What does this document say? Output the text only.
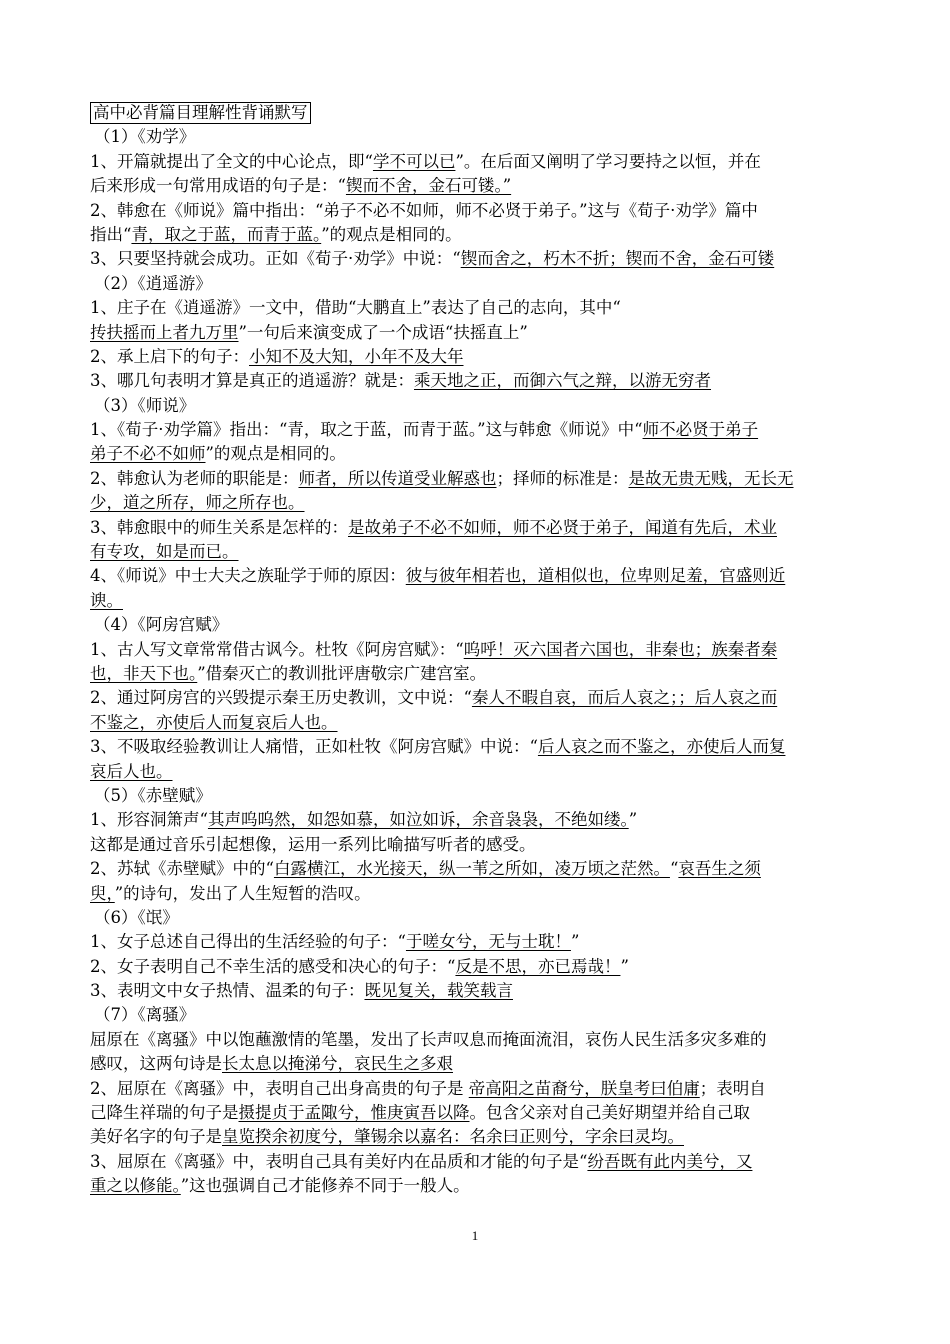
高中必背篇目理解性背诵默写
（1）《劝学》
1、开篇就提出了全文的中心论点，即“学不可以已”。在后面又阐明了学习要持之以恒，并在
后来形成一句常用成语的句子是：“锲而不舍，金石可镂。”
2、韩愈在《师说》篇中指出：“弟子不必不如师，师不必贤于弟子。”这与《荀子·劝学》篇中
指出“青，取之于蓝，而青于蓝。”的观点是相同的。
3、只要坚持就会成功。正如《荀子·劝学》中说：“锲而舍之，朽木不折；锲而不舍，金石可镂
（2）《逍遥游》
1、庄子在《逍遥游》一文中，借助“大鹏直上”表达了自己的志向，其中“
抟扶摇而上者九万里”一句后来演变成了一个成语“扶摇直上”
2、承上启下的句子：小知不及大知，小年不及大年
3、哪几句表明才算是真正的逍遥游？就是：乘天地之正，而御六气之辩，以游无穷者
（3）《师说》
1、《荀子·劝学篇》指出：“青，取之于蓝，而青于蓝。”这与韩愈《师说》中“师不必贤于弟子
弟子不必不如师”的观点是相同的。
2、韩愈认为老师的职能是：师者，所以传道受业解惑也；择师的标准是：是故无贵无贱，无长无
少，道之所存，师之所存也。
3、韩愈眼中的师生关系是怎样的：是故弟子不必不如师，师不必贤于弟子，闻道有先后，术业
有专攻，如是而已。
4、《师说》中士大夫之族耻学于师的原因：彼与彼年相若也，道相似也，位卑则足羞，官盛则近
谀。
（4）《阿房宫赋》
1、古人写文章常常借古讽今。杜牧《阿房宫赋》：“呜呼！灭六国者六国也，非秦也；族秦者秦
也，非天下也。”借秦灭亡的教训批评唐敬宗广建宫室。
2、通过阿房宫的兴毁提示秦王历史教训，文中说：“秦人不暇自哀，而后人哀之；；后人哀之而
不鉴之，亦使后人而复哀后人也。
3、不吸取经验教训让人痛惜，正如杜牧《阿房宫赋》中说：“后人哀之而不鉴之，亦使后人而复
哀后人也。
（5）《赤壁赋》
1、形容洞箫声“其声呜呜然，如怨如慕，如泣如诉，余音袅袅，不绝如缕。”
这都是通过音乐引起想像，运用一系列比喻描写听者的感受。
2、苏轼《赤壁赋》中的“白露横江，水光接天，纵一苇之所如，凌万顷之茫然。“哀吾生之须
臾，”的诗句，发出了人生短暂的浩叹。
（6）《氓》
1、女子总述自己得出的生活经验的句子：“于嗟女兮，无与士耽！”
2、女子表明自己不幸生活的感受和决心的句子：“反是不思，亦已焉哉！”
3、表明文中女子热情、温柔的句子：既见复关，载笑载言
（7）《离骚》
屈原在《离骚》中以饱蘸激情的笔墨，发出了长声叹息而掩面流泪，哀伤人民生活多灾多难的
感叹，这两句诗是长太息以掩涕兮，哀民生之多艰
2、屈原在《离骚》中，表明自己出身高贵的句子是 帝高阳之苗裔兮，朕皇考曰伯庸；表明自
己降生祥瑞的句子是摄提贞于孟陬兮，惟庚寅吾以降。包含父亲对自己美好期望并给自己取
美好名字的句子是皇览揆余初度兮，肇锡余以嘉名：名余曰正则兮，字余曰灵均。
3、屈原在《离骚》中，表明自己具有美好内在品质和才能的句子是“纷吾既有此内美兮，又
重之以修能。”这也强调自己才能修养不同于一般人。
1
